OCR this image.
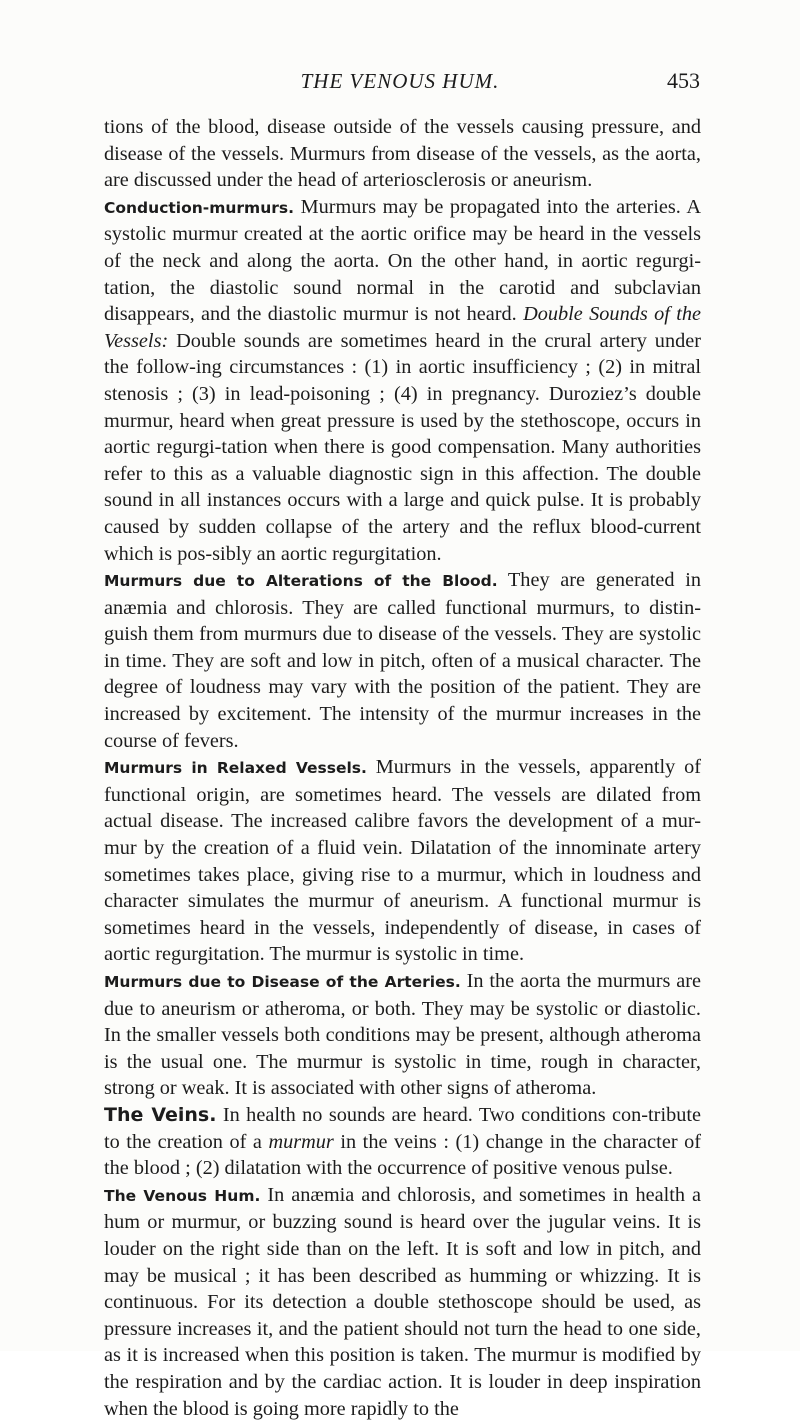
THE VENOUS HUM.	453

tions of the blood, disease outside of the vessels causing pressure, and disease of the vessels. Murmurs from disease of the vessels, as the aorta, are discussed under the head of arteriosclerosis or aneurism.

Conduction-murmurs. Murmurs may be propagated into the arteries. A systolic murmur created at the aortic orifice may be heard in the vessels of the neck and along the aorta. On the other hand, in aortic regurgi-tation, the diastolic sound normal in the carotid and subclavian disappears, and the diastolic murmur is not heard. Double Sounds of the Vessels: Double sounds are sometimes heard in the crural artery under the follow-ing circumstances : (1) in aortic insufficiency ; (2) in mitral stenosis ; (3) in lead-poisoning ; (4) in pregnancy. Duroziez’s double murmur, heard when great pressure is used by the stethoscope, occurs in aortic regurgi-tation when there is good compensation. Many authorities refer to this as a valuable diagnostic sign in this affection. The double sound in all instances occurs with a large and quick pulse. It is probably caused by sudden collapse of the artery and the reflux blood-current which is pos-sibly an aortic regurgitation.

Murmurs due to Alterations of the Blood. They are generated in anæmia and chlorosis. They are called functional murmurs, to distin-guish them from murmurs due to disease of the vessels. They are systolic in time. They are soft and low in pitch, often of a musical character. The degree of loudness may vary with the position of the patient. They are increased by excitement. The intensity of the murmur increases in the course of fevers.

Murmurs in Relaxed Vessels. Murmurs in the vessels, apparently of functional origin, are sometimes heard. The vessels are dilated from actual disease. The increased calibre favors the development of a mur-mur by the creation of a fluid vein. Dilatation of the innominate artery sometimes takes place, giving rise to a murmur, which in loudness and character simulates the murmur of aneurism. A functional murmur is sometimes heard in the vessels, independently of disease, in cases of aortic regurgitation. The murmur is systolic in time.

Murmurs due to Disease of the Arteries. In the aorta the murmurs are due to aneurism or atheroma, or both. They may be systolic or diastolic. In the smaller vessels both conditions may be present, although atheroma is the usual one. The murmur is systolic in time, rough in character, strong or weak. It is associated with other signs of atheroma.

The Veins. In health no sounds are heard. Two conditions con-tribute to the creation of a murmur in the veins : (1) change in the character of the blood ; (2) dilatation with the occurrence of positive venous pulse.

The Venous Hum. In anæmia and chlorosis, and sometimes in health a hum or murmur, or buzzing sound is heard over the jugular veins. It is louder on the right side than on the left. It is soft and low in pitch, and may be musical ; it has been described as humming or whizzing. It is continuous. For its detection a double stethoscope should be used, as pressure increases it, and the patient should not turn the head to one side, as it is increased when this position is taken. The murmur is modified by the respiration and by the cardiac action. It is louder in deep inspiration when the blood is going more rapidly to the
